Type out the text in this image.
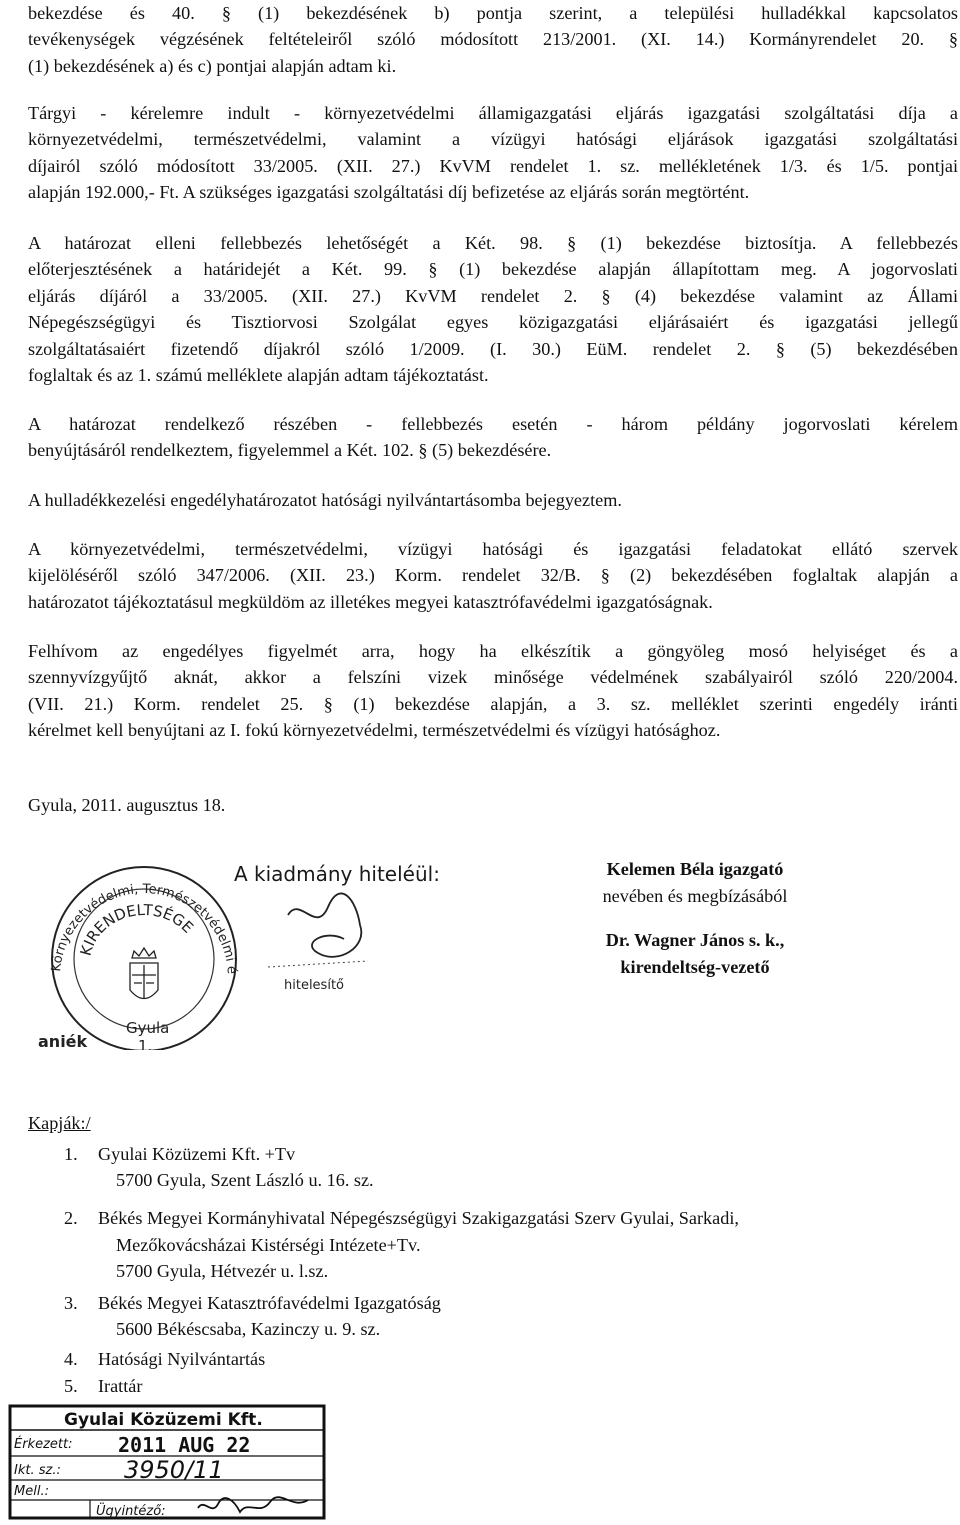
bekezdése és 40. § (1) bekezdésének b) pontja szerint, a települési hulladékkal kapcsolatos
tevékenységek végzésének feltételeiről szóló módosított 213/2001. (XI. 14.) Kormányrendelet 20. §
(1) bekezdésének a) és c) pontjai alapján adtam ki.
Tárgyi - kérelemre indult - környezetvédelmi államigazgatási eljárás igazgatási szolgáltatási díja a
környezetvédelmi, természetvédelmi, valamint a vízügyi hatósági eljárások igazgatási szolgáltatási
díjairól szóló módosított 33/2005. (XII. 27.) KvVM rendelet 1. sz. mellékletének 1/3. és 1/5. pontjai
alapján 192.000,- Ft. A szükséges igazgatási szolgáltatási díj befizetése az eljárás során megtörtént.
A határozat elleni fellebbezés lehetőségét a Két. 98. § (1) bekezdése biztosítja. A fellebbezés
előterjesztésének a határidejét a Két. 99. § (1) bekezdése alapján állapítottam meg. A jogorvoslati
eljárás díjáról a 33/2005. (XII. 27.) KvVM rendelet 2. § (4) bekezdése valamint az Állami
Népegészségügyi és Tisztiorvosi Szolgálat egyes közigazgatási eljárásaiért és igazgatási jellegű
szolgáltatásaiért fizetendő díjakról szóló 1/2009. (I. 30.) EüM. rendelet 2. § (5) bekezdésében
foglaltak és az 1. számú melléklete alapján adtam tájékoztatást.
A határozat rendelkező részében - fellebbezés esetén - három példány jogorvoslati kérelem
benyújtásáról rendelkeztem, figyelemmel a Két. 102. § (5) bekezdésére.
A hulladékkezelési engedélyhatározatot hatósági nyilvántartásomba bejegyeztem.
A környezetvédelmi, természetvédelmi, vízügyi hatósági és igazgatási feladatokat ellátó szervek
kijelöléséről szóló 347/2006. (XII. 23.) Korm. rendelet 32/B. § (2) bekezdésében foglaltak alapján a
határozatot tájékoztatásul megküldöm az illetékes megyei katasztrófavédelmi igazgatóságnak.
Felhívom az engedélyes figyelmét arra, hogy ha elkészítik a göngyöleg mosó helyiséget és a
szennyvízgyűjtő aknát, akkor a felszíni vizek minősége védelmének szabályairól szóló 220/2004.
(VII. 21.) Korm. rendelet 25. § (1) bekezdése alapján, a 3. sz. melléklet szerinti engedély iránti
kérelmet kell benyújtani az I. fokú környezetvédelmi, természetvédelmi és vízügyi hatósághoz.
Gyula, 2011. augusztus 18.
Környezetvédelmi, Természetvédelmi é
KIRENDELTSÉGE
Gyula
1.
aniék
A kiadmány hiteléül:
hitelesítő
Kelemen Béla igazgató
nevében és megbízásából
Dr. Wagner János s. k.,
kirendeltség-vezető
Kapják:/
1.	Gyulai Közüzemi Kft. +Tv
5700 Gyula, Szent László u. 16. sz.
2.	Békés Megyei Kormányhivatal Népegészségügyi Szakigazgatási Szerv Gyulai, Sarkadi,
Mezőkovácsházai Kistérségi Intézete+Tv.
5700 Gyula, Hétvezér u. l.sz.
3.	Békés Megyei Katasztrófavédelmi Igazgatóság
5600 Békéscsaba, Kazinczy u. 9. sz.
4.	Hatósági Nyilvántartás
5.	Irattár
Gyulai Közüzemi Kft.
Érkezett: 2011 AUG 22
Ikt. sz.:	3950/11
Mell.:
Ügyintéző:
